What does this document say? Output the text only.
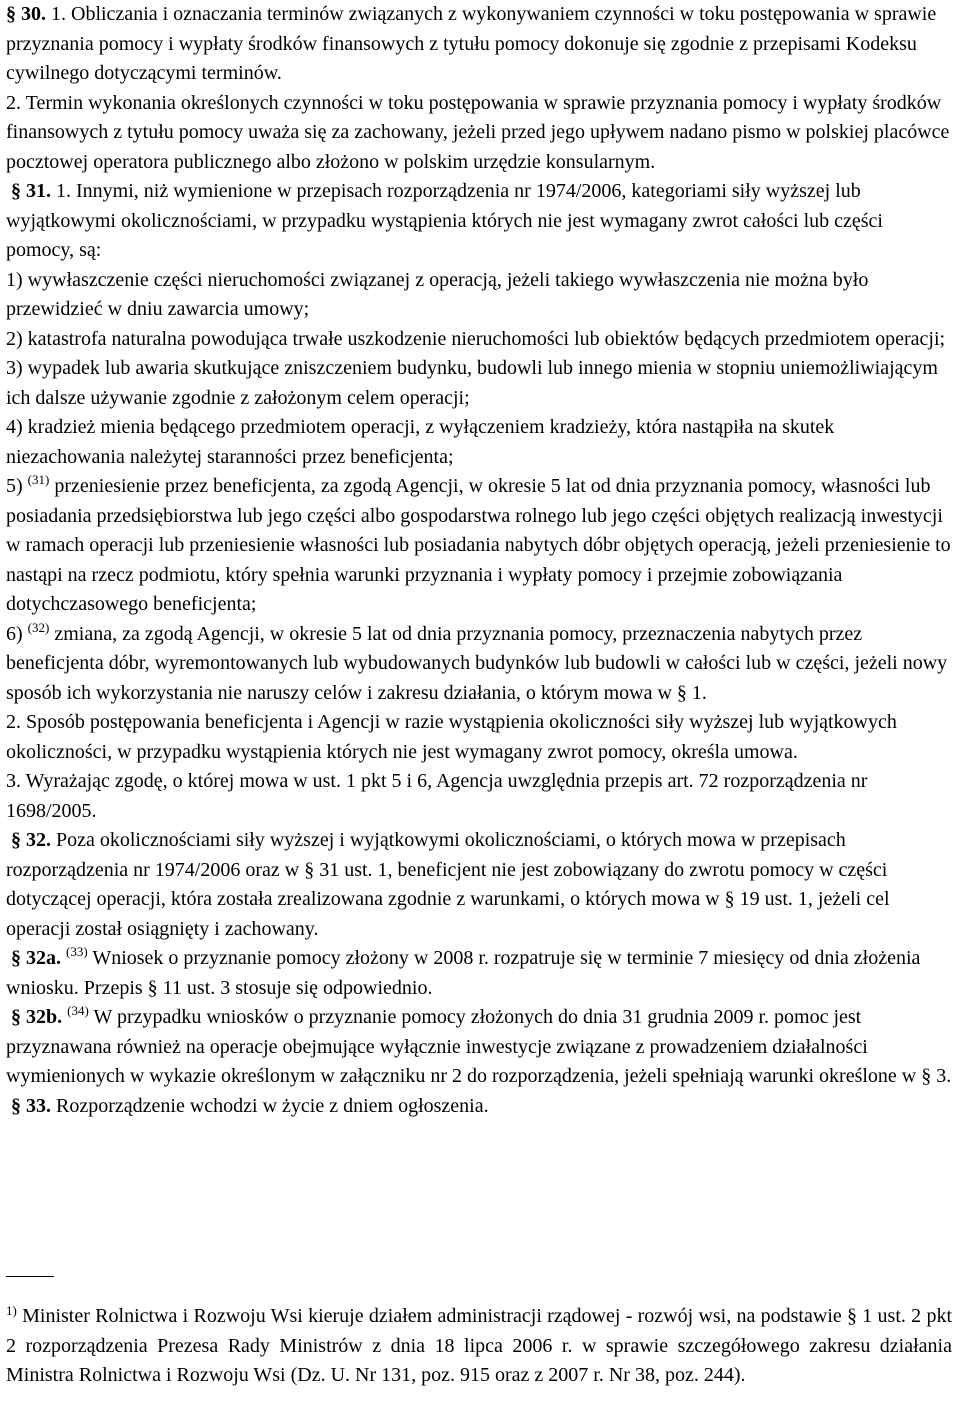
§ 30. 1. Obliczania i oznaczania terminów związanych z wykonywaniem czynności w toku postępowania w sprawie przyznania pomocy i wypłaty środków finansowych z tytułu pomocy dokonuje się zgodnie z przepisami Kodeksu cywilnego dotyczącymi terminów.

2. Termin wykonania określonych czynności w toku postępowania w sprawie przyznania pomocy i wypłaty środków finansowych z tytułu pomocy uważa się za zachowany, jeżeli przed jego upływem nadano pismo w polskiej placówce pocztowej operatora publicznego albo złożono w polskim urzędzie konsularnym.

§ 31. 1. Innymi, niż wymienione w przepisach rozporządzenia nr 1974/2006, kategoriami siły wyższej lub wyjątkowymi okolicznościami, w przypadku wystąpienia których nie jest wymagany zwrot całości lub części pomocy, są:

1) wywłaszczenie części nieruchomości związanej z operacją, jeżeli takiego wywłaszczenia nie można było przewidzieć w dniu zawarcia umowy;

2) katastrofa naturalna powodująca trwałe uszkodzenie nieruchomości lub obiektów będących przedmiotem operacji;

3) wypadek lub awaria skutkujące zniszczeniem budynku, budowli lub innego mienia w stopniu uniemożliwiającym ich dalsze używanie zgodnie z założonym celem operacji;

4) kradzież mienia będącego przedmiotem operacji, z wyłączeniem kradzieży, która nastąpiła na skutek niezachowania należytej staranności przez beneficjenta;

5) $^{(31)}$ przeniesienie przez beneficjenta, za zgodą Agencji, w okresie 5 lat od dnia przyznania pomocy, własności lub posiadania przedsiębiorstwa lub jego części albo gospodarstwa rolnego lub jego części objętych realizacją inwestycji w ramach operacji lub przeniesienie własności lub posiadania nabytych dóbr objętych operacją, jeżeli przeniesienie to nastąpi na rzecz podmiotu, który spełnia warunki przyznania i wypłaty pomocy i przejmie zobowiązania dotychczasowego beneficjenta;

6) $^{(32)}$ zmiana, za zgodą Agencji, w okresie 5 lat od dnia przyznania pomocy, przeznaczenia nabytych przez beneficjenta dóbr, wyremontowanych lub wybudowanych budynków lub budowli w całości lub w części, jeżeli nowy sposób ich wykorzystania nie naruszy celów i zakresu działania, o którym mowa w § 1.

2. Sposób postępowania beneficjenta i Agencji w razie wystąpienia okoliczności siły wyższej lub wyjątkowych okoliczności, w przypadku wystąpienia których nie jest wymagany zwrot pomocy, określa umowa.

3. Wyrażając zgodę, o której mowa w ust. 1 pkt 5 i 6, Agencja uwzględnia przepis art. 72 rozporządzenia nr 1698/2005.

§ 32. Poza okolicznościami siły wyższej i wyjątkowymi okolicznościami, o których mowa w przepisach rozporządzenia nr 1974/2006 oraz w § 31 ust. 1, beneficjent nie jest zobowiązany do zwrotu pomocy w części dotyczącej operacji, która została zrealizowana zgodnie z warunkami, o których mowa w § 19 ust. 1, jeżeli cel operacji został osiągnięty i zachowany.

§ 32a. $^{(33)}$ Wniosek o przyznanie pomocy złożony w 2008 r. rozpatruje się w terminie 7 miesięcy od dnia złożenia wniosku. Przepis § 11 ust. 3 stosuje się odpowiednio.

§ 32b. $^{(34)}$ W przypadku wniosków o przyznanie pomocy złożonych do dnia 31 grudnia 2009 r. pomoc jest przyznawana również na operacje obejmujące wyłącznie inwestycje związane z prowadzeniem działalności wymienionych w wykazie określonym w załączniku nr 2 do rozporządzenia, jeżeli spełniają warunki określone w § 3.

§ 33. Rozporządzenie wchodzi w życie z dniem ogłoszenia.

$^{1)}$ Minister Rolnictwa i Rozwoju Wsi kieruje działem administracji rządowej - rozwój wsi, na podstawie § 1 ust. 2 pkt 2 rozporządzenia Prezesa Rady Ministrów z dnia 18 lipca 2006 r. w sprawie szczegółowego zakresu działania Ministra Rolnictwa i Rozwoju Wsi (Dz. U. Nr 131, poz. 915 oraz z 2007 r. Nr 38, poz. 244).
